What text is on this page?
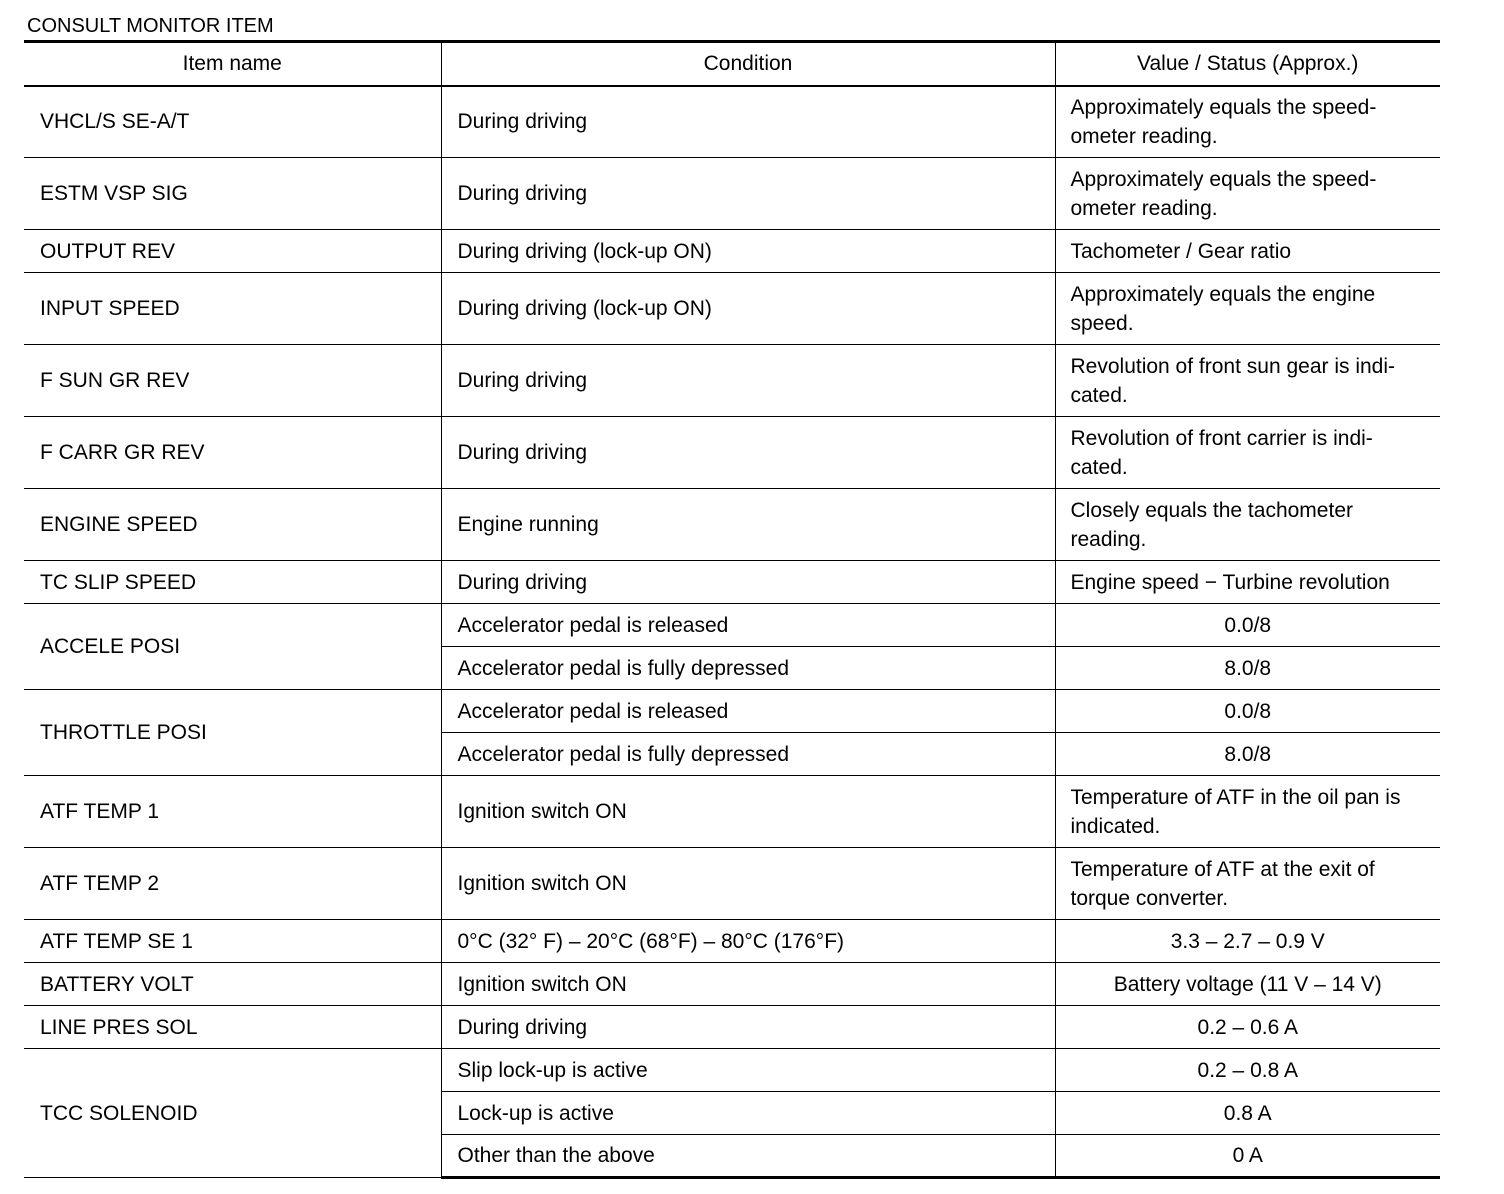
CONSULT MONITOR ITEM
Item name	Condition	Value / Status (Approx.)
VHCL/S SE-A/T	During driving	Approximately equals the speed-
ometer reading.
ESTM VSP SIG	During driving	Approximately equals the speed-
ometer reading.
OUTPUT REV	During driving (lock-up ON)	Tachometer / Gear ratio
INPUT SPEED	During driving (lock-up ON)	Approximately equals the engine
speed.
F SUN GR REV	During driving	Revolution of front sun gear is indi-
cated.
F CARR GR REV	During driving	Revolution of front carrier is indi-
cated.
ENGINE SPEED	Engine running	Closely equals the tachometer
reading.
TC SLIP SPEED	During driving	Engine speed − Turbine revolution
ACCELE POSI	Accelerator pedal is released	0.0/8
	Accelerator pedal is fully depressed	8.0/8
THROTTLE POSI	Accelerator pedal is released	0.0/8
	Accelerator pedal is fully depressed	8.0/8
ATF TEMP 1	Ignition switch ON	Temperature of ATF in the oil pan is
indicated.
ATF TEMP 2	Ignition switch ON	Temperature of ATF at the exit of
torque converter.
ATF TEMP SE 1	0°C (32° F) – 20°C (68°F) – 80°C (176°F)	3.3 – 2.7 – 0.9 V
BATTERY VOLT	Ignition switch ON	Battery voltage (11 V – 14 V)
LINE PRES SOL	During driving	0.2 – 0.6 A
TCC SOLENOID	Slip lock-up is active	0.2 – 0.8 A
	Lock-up is active	0.8 A
	Other than the above	0 A
